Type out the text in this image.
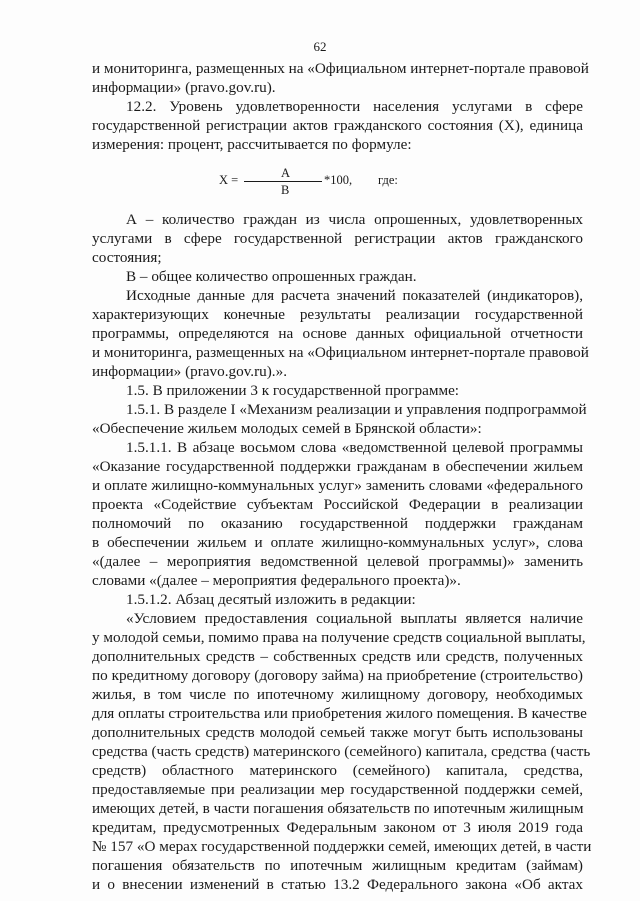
62
X =	A
B
*100, где:
и мониторинга, размещенных на «Официальном интернет-портале правовой
информации» (pravo.gov.ru).
12.2. Уровень удовлетворенности населения услугами в сфере
государственной регистрации актов гражданского состояния (X), единица
измерения: процент, рассчитывается по формуле:
А – количество граждан из числа опрошенных, удовлетворенных
услугами в сфере государственной регистрации актов гражданского
состояния;
В – общее количество опрошенных граждан.
Исходные данные для расчета значений показателей (индикаторов),
характеризующих конечные результаты реализации государственной
программы, определяются на основе данных официальной отчетности
и мониторинга, размещенных на «Официальном интернет-портале правовой
информации» (pravo.gov.ru).».
1.5. В приложении 3 к государственной программе:
1.5.1. В разделе I «Механизм реализации и управления подпрограммой
«Обеспечение жильем молодых семей в Брянской области»:
1.5.1.1. В абзаце восьмом слова «ведомственной целевой программы
«Оказание государственной поддержки гражданам в обеспечении жильем
и оплате жилищно-коммунальных услуг» заменить словами «федерального
проекта «Содействие субъектам Российской Федерации в реализации
полномочий по оказанию государственной поддержки гражданам
в обеспечении жильем и оплате жилищно-коммунальных услуг», слова
«(далее – мероприятия ведомственной целевой программы)» заменить
словами «(далее – мероприятия федерального проекта)».
1.5.1.2. Абзац десятый изложить в редакции:
«Условием предоставления социальной выплаты является наличие
у молодой семьи, помимо права на получение средств социальной выплаты,
дополнительных средств – собственных средств или средств, полученных
по кредитному договору (договору займа) на приобретение (строительство)
жилья, в том числе по ипотечному жилищному договору, необходимых
для оплаты строительства или приобретения жилого помещения. В качестве
дополнительных средств молодой семьей также могут быть использованы
средства (часть средств) материнского (семейного) капитала, средства (часть
средств) областного материнского (семейного) капитала, средства,
предоставляемые при реализации мер государственной поддержки семей,
имеющих детей, в части погашения обязательств по ипотечным жилищным
кредитам, предусмотренных Федеральным законом от 3 июля 2019 года
№ 157 «О мерах государственной поддержки семей, имеющих детей, в части
погашения обязательств по ипотечным жилищным кредитам (займам)
и о внесении изменений в статью 13.2 Федерального закона «Об актах
